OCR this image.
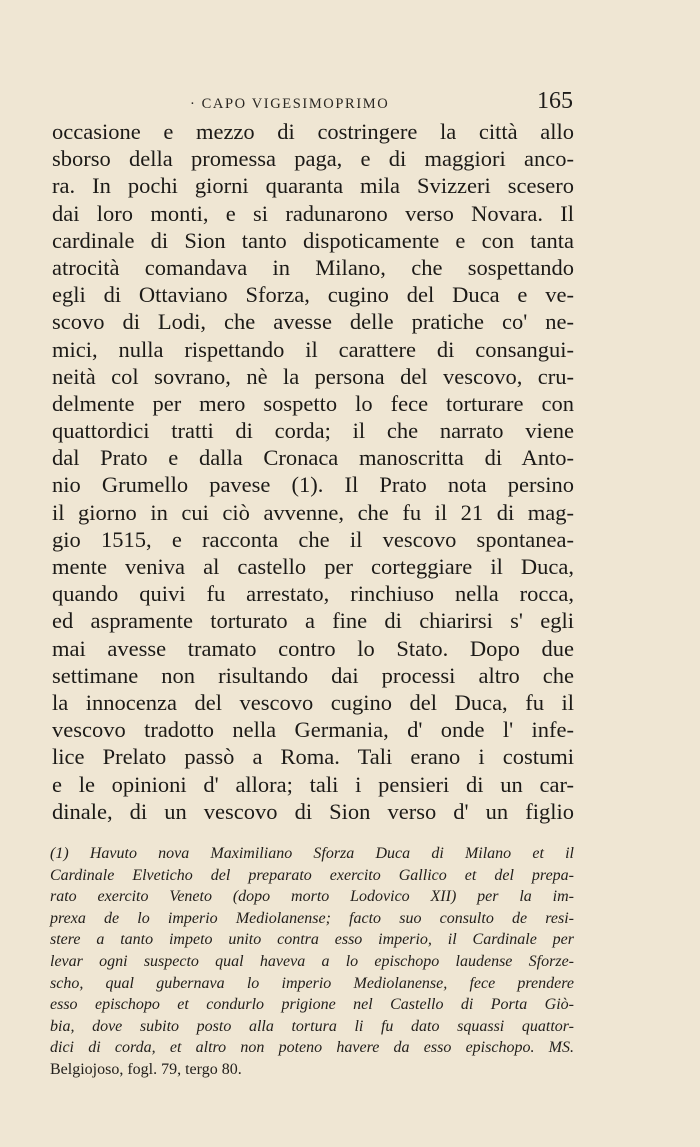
· CAPO VIGESIMOPRIMO	165
occasione e mezzo di costringere la città allo
sborso della promessa paga, e di maggiori anco-
ra. In pochi giorni quaranta mila Svizzeri scesero
dai loro monti, e si radunarono verso Novara. Il
cardinale di Sion tanto dispoticamente e con tanta
atrocità comandava in Milano, che sospettando
egli di Ottaviano Sforza, cugino del Duca e ve-
scovo di Lodi, che avesse delle pratiche co' ne-
mici, nulla rispettando il carattere di consangui-
neità col sovrano, nè la persona del vescovo, cru-
delmente per mero sospetto lo fece torturare con
quattordici tratti di corda; il che narrato viene
dal Prato e dalla Cronaca manoscritta di Anto-
nio Grumello pavese (1). Il Prato nota persino
il giorno in cui ciò avvenne, che fu il 21 di mag-
gio 1515, e racconta che il vescovo spontanea-
mente veniva al castello per corteggiare il Duca,
quando quivi fu arrestato, rinchiuso nella rocca,
ed aspramente torturato a fine di chiarirsi s' egli
mai avesse tramato contro lo Stato. Dopo due
settimane non risultando dai processi altro che
la innocenza del vescovo cugino del Duca, fu il
vescovo tradotto nella Germania, d' onde l' infe-
lice Prelato passò a Roma. Tali erano i costumi
e le opinioni d' allora; tali i pensieri di un car-
dinale, di un vescovo di Sion verso d' un figlio
(1) Havuto nova Maximiliano Sforza Duca di Milano et il
Cardinale Elveticho del preparato exercito Gallico et del prepa-
rato exercito Veneto (dopo morto Lodovico XII) per la im-
prexa de lo imperio Mediolanense; facto suo consulto de resi-
stere a tanto impeto unito contra esso imperio, il Cardinale per
levar ogni suspecto qual haveva a lo epischopo laudense Sforze-
scho, qual gubernava lo imperio Mediolanense, fece prendere
esso epischopo et condurlo prigione nel Castello di Porta Giò-
bia, dove subito posto alla tortura li fu dato squassi quattor-
dici di corda, et altro non poteno havere da esso epischopo. MS.
Belgiojoso, fogl. 79, tergo 80.
